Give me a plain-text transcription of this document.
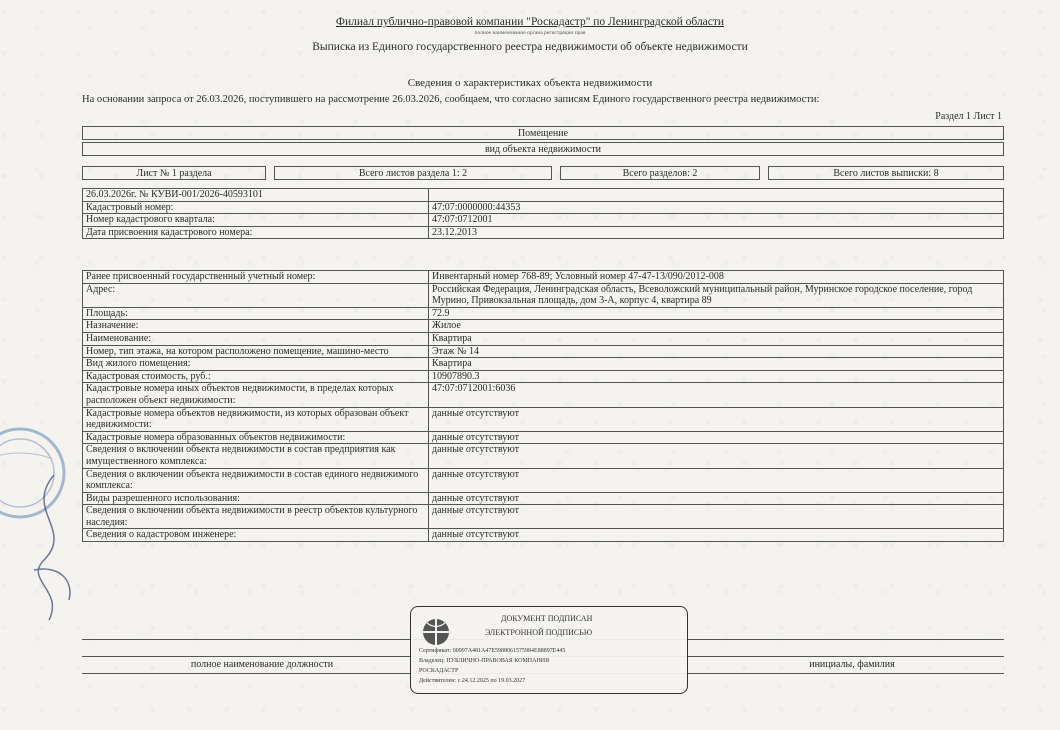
Филиал публично-правовой компании "Роскадастр" по Ленинградской области
полное наименование органа регистрации прав
Выписка из Единого государственного реестра недвижимости об объекте недвижимости
Сведения о характеристиках объекта недвижимости
На основании запроса от 26.03.2026, поступившего на рассмотрение 26.03.2026, сообщаем, что согласно записям Единого государственного реестра недвижимости:
Раздел 1 Лист 1
Помещение
вид объекта недвижимости
Лист № 1 раздела	Всего листов раздела 1: 2	Всего разделов: 2	Всего листов выписки: 8
26.03.2026г. № КУВИ-001/2026-40593101	
Кадастровый номер:	47:07:0000000:44353
Номер кадастрового квартала:	47:07:0712001
Дата присвоения кадастрового номера:	23.12.2013
Ранее присвоенный государственный учетный номер:	Инвентарный номер 768-89; Условный номер 47-47-13/090/2012-008
Адрес:	Российская Федерация, Ленинградская область, Всеволожский муниципальный район, Муринское городское поселение, город Мурино, Привокзальная площадь, дом 3-А, корпус 4, квартира 89
Площадь:	72.9
Назначение:	Жилое
Наименование:	Квартира
Номер, тип этажа, на котором расположено помещение, машино-место	Этаж № 14
Вид жилого помещения:	Квартира
Кадастровая стоимость, руб.:	10907890.3
Кадастровые номера иных объектов недвижимости, в пределах которых расположен объект недвижимости:	47:07:0712001:6036
Кадастровые номера объектов недвижимости, из которых образован объект недвижимости:	данные отсутствуют
Кадастровые номера образованных объектов недвижимости:	данные отсутствуют
Сведения о включении объекта недвижимости в состав предприятия как имущественного комплекса:	данные отсутствуют
Сведения о включении объекта недвижимости в состав единого недвижимого комплекса:	данные отсутствуют
Виды разрешенного использования:	данные отсутствуют
Сведения о включении объекта недвижимости в реестр объектов культурного наследия:	данные отсутствуют
Сведения о кадастровом инженере:	данные отсутствуют
полное наименование должности	инициалы, фамилия
ДОКУМЕНТ ПОДПИСАН
ЭЛЕКТРОННОЙ ПОДПИСЬЮ
Сертификат: 00997A481A47E5988061575984E88897E445
Владелец: ПУБЛИЧНО-ПРАВОВАЯ КОМПАНИЯ
РОСКАДАСТР
Действителен: с 24.12.2025 по 19.03.2027
